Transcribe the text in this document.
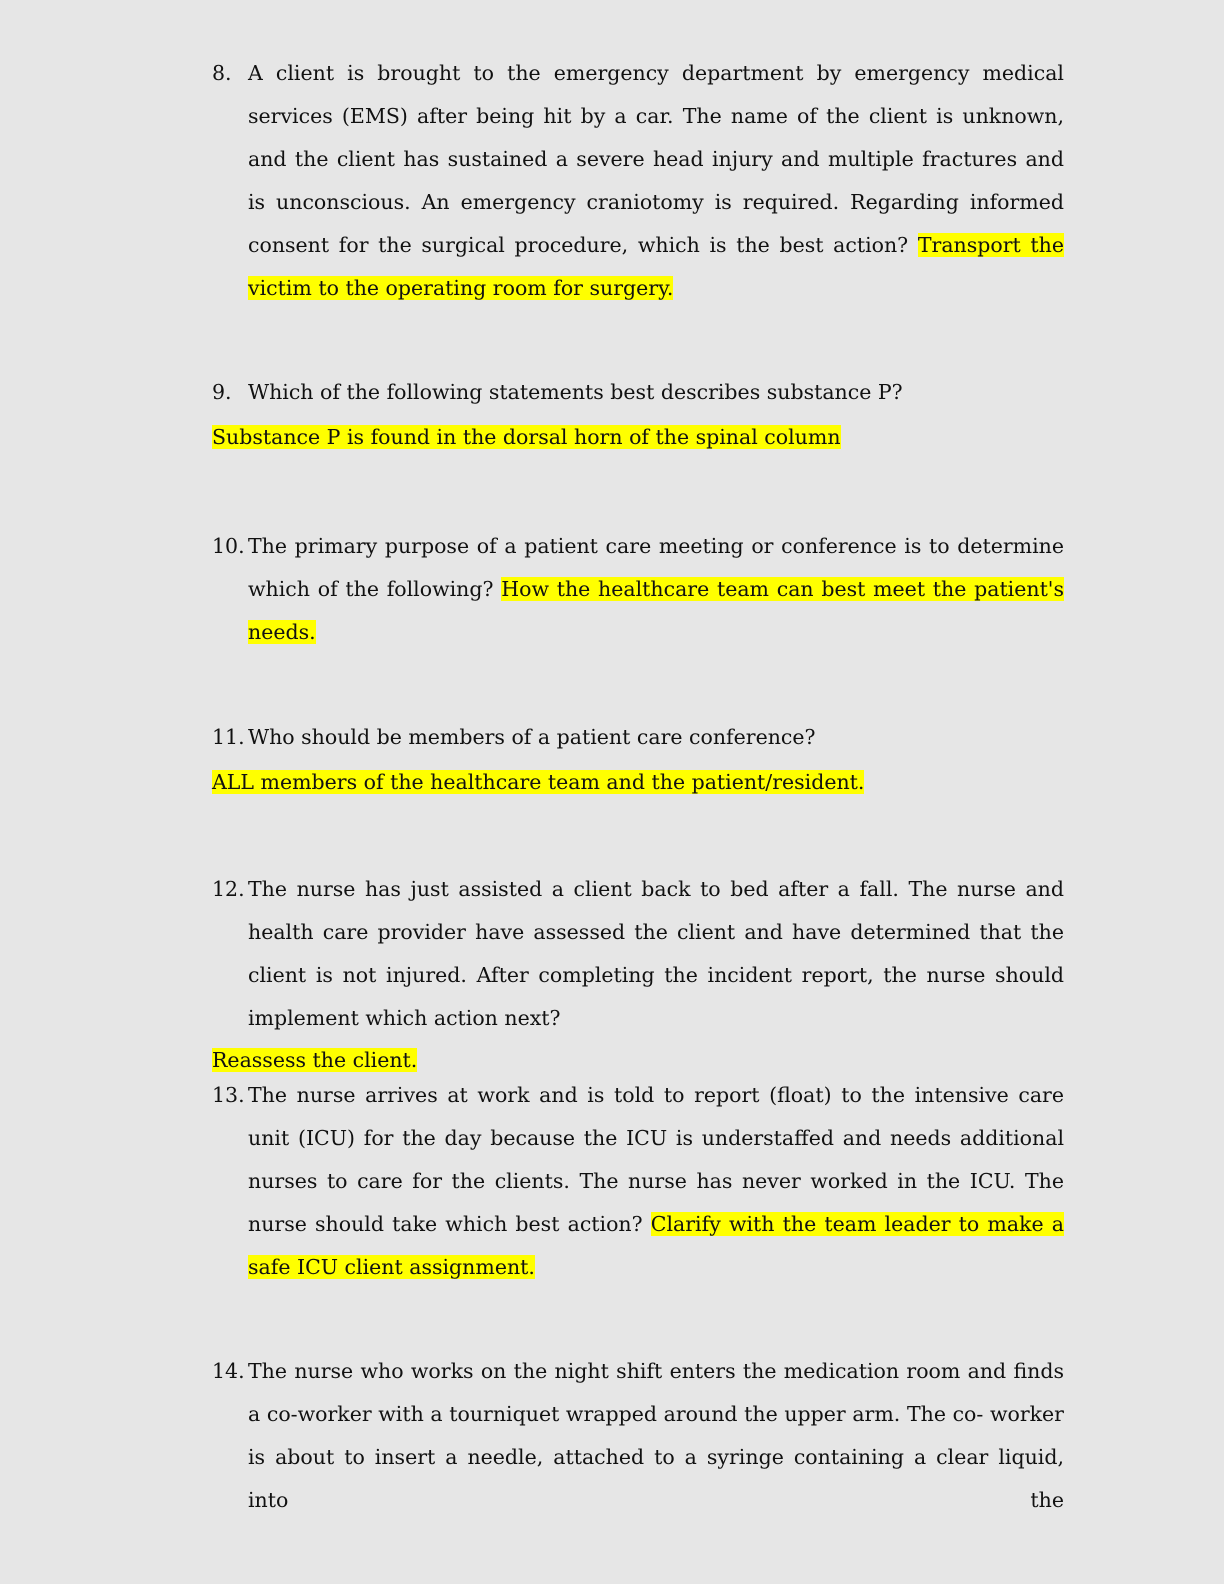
8. A client is brought to the emergency department by emergency medical services (EMS) after being hit by a car. The name of the client is unknown, and the client has sustained a severe head injury and multiple fractures and is unconscious. An emergency craniotomy is required. Regarding informed consent for the surgical procedure, which is the best action? Transport the victim to the operating room for surgery.
9. Which of the following statements best describes substance P?
Substance P is found in the dorsal horn of the spinal column
10. The primary purpose of a patient care meeting or conference is to determine which of the following? How the healthcare team can best meet the patient's needs.
11. Who should be members of a patient care conference?
ALL members of the healthcare team and the patient/resident.
12. The nurse has just assisted a client back to bed after a fall. The nurse and health care provider have assessed the client and have determined that the client is not injured. After completing the incident report, the nurse should implement which action next?
Reassess the client.
13. The nurse arrives at work and is told to report (float) to the intensive care unit (ICU) for the day because the ICU is understaffed and needs additional nurses to care for the clients. The nurse has never worked in the ICU. The nurse should take which best action? Clarify with the team leader to make a safe ICU client assignment.
14. The nurse who works on the night shift enters the medication room and finds a co-worker with a tourniquet wrapped around the upper arm. The co- worker is about to insert a needle, attached to a syringe containing a clear liquid, into the
